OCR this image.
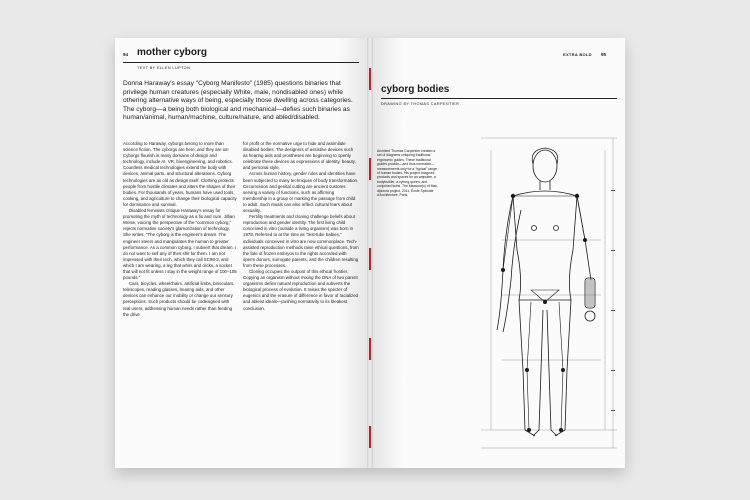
94 mother cyborg
TEXT BY ELLEN LUPTON

Donna Haraway's essay "Cyborg Manifesto" (1985) questions binaries that privilege human creatures (especially White, male, nondisabled ones) while othering alternative ways of being, especially those dwelling across categories. The cyborg—a being both biological and mechanical—defies such binaries as human/animal, human/machine, culture/nature, and abled/disabled.

According to Haraway, cyborgs belong to more than science fiction. The cyborgs are here, and they are us! Cyborgs flourish in many domains of design and technology, include AI, VR, bioengineering, and robotics. Countless medical technologies extend the body with devices, animal parts, and structural alterations. Cyborg technologies are as old as design itself. Clothing protects people from hostile climates and alters the shapes of their bodies. For thousands of years, humans have used tools, cooking, and agriculture to change their biological capacity for dominance and survival.

Disabled feminists critique Haraway's essay for promoting the myth of technology as a fix and cure. Jillian Weise, voicing the perspective of the "common cyborg," rejects normative society's glamorization of technology. She writes, "The cyborg is the engineer's dream. The engineer steers and manipulates the human to greater performance. As a common cyborg, I subvert that dream. I do not want to sell any of their shit for them. I am not impressed with their tech, which they call SC98-3, and which I am wearing, a leg that whirs and clicks, a socket that will not fit unless I stay in the weight range of 100–105 pounds."

Cars, bicycles, wheelchairs, artificial limbs, binoculars, telescopes, reading glasses, hearing aids, and other devices can enhance our mobility or change our sensory perceptions. Such products should be codesigned with real users, addressing human needs rather than feeding the drive

for profit or the normative urge to hide and assimilate disabled bodies. The designers of assistive devices such as hearing aids and prostheses are beginning to openly celebrate these devices as expressions of identity, beauty, and personal style.

Across human history, gender roles and identities have been subjected to many techniques of body transformation. Circumcision and genital cutting are ancient customs serving a variety of functions, such as affirming membership in a group or marking the passage from child to adult. Such rituals can also reflect cultural fears about sexuality.

Fertility treatments and cloning challenge beliefs about reproduction and gender identity. The first living child conceived in vitro (outside a living organism) was born in 1978. Referred to at the time as "test-tube babies," individuals conceived in vitro are now commonplace. Tech-assisted reproduction methods raise ethical questions, from the fate of frozen embryos to the rights accorded with sperm donors, surrogate parents, and the children resulting from these processes.

Cloning occupies the outpost of this ethical frontier. Copying an organism without mixing the DNA of two parent organisms defies natural reproduction and subverts the biological process of evolution. It raises the specter of eugenics and the erasure of difference in favor of racialized and ableist ideals—pushing normativity to its bleakest conclusion.

EXTRA BOLD 95
cyborg bodies
DRAWING BY THOMAS CARPENTIER

Architect Thomas Carpentier created a set of diagrams critiquing traditional ergonomic guides. These traditional guides provide—and thus normalize—measurements only for a "typical" range of human bodies. His project imagines products and spaces for an amputee, a bodybuilder, a cyborg queen, and conjoined twins. The Measure(s) of Man, diploma project, 2011, École Spéciale d'Architecture, Paris.
